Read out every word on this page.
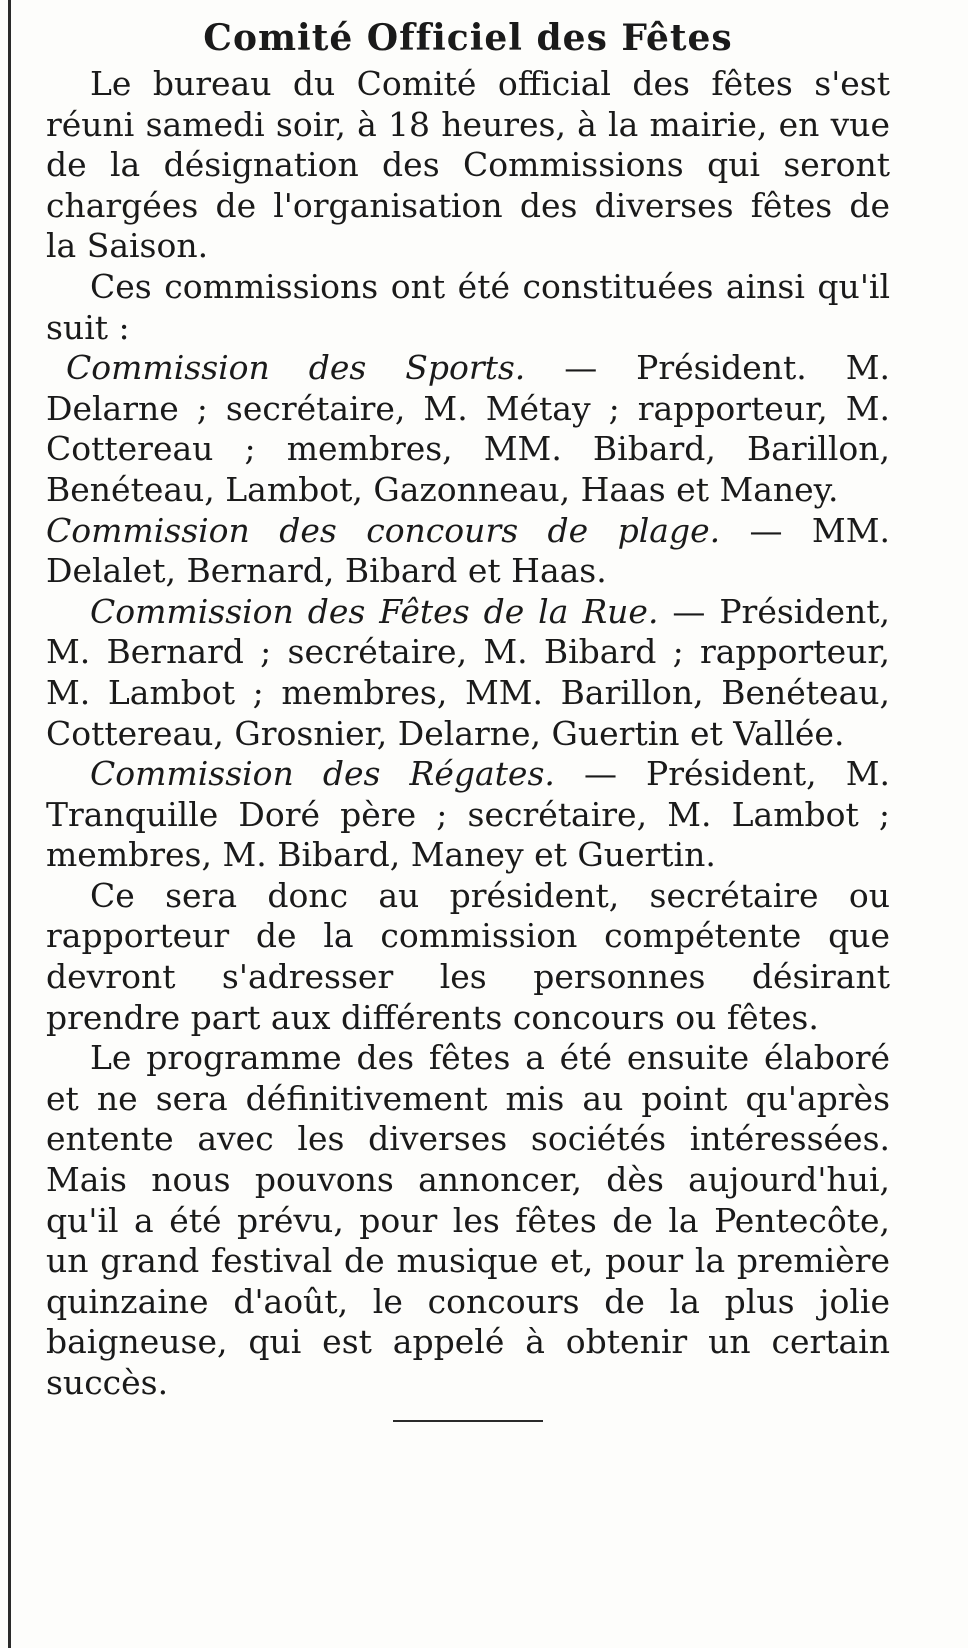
Comité Officiel des Fêtes

Le bureau du Comité official des fêtes s'est réuni samedi soir, à 18 heures, à la mairie, en vue de la désignation des Commissions qui seront chargées de l'organisation des diverses fêtes de la Saison.

Ces commissions ont été constituées ainsi qu'il suit :

Commission des Sports. — Président. M. Delarne ; secrétaire, M. Métay ; rapporteur, M. Cottereau ; membres, MM. Bibard, Barillon, Benéteau, Lambot, Gazonneau, Haas et Maney.

Commission des concours de plage. — MM. Delalet, Bernard, Bibard et Haas.

Commission des Fêtes de la Rue. — Président, M. Bernard ; secrétaire, M. Bibard ; rapporteur, M. Lambot ; membres, MM. Barillon, Benéteau, Cottereau, Grosnier, Delarne, Guertin et Vallée.

Commission des Régates. — Président, M. Tranquille Doré père ; secrétaire, M. Lambot ; membres, M. Bibard, Maney et Guertin.

Ce sera donc au président, secrétaire ou rapporteur de la commission compétente que devront s'adresser les personnes désirant prendre part aux différents concours ou fêtes.

Le programme des fêtes a été ensuite élaboré et ne sera définitivement mis au point qu'après entente avec les diverses sociétés intéressées. Mais nous pouvons annoncer, dès aujourd'hui, qu'il a été prévu, pour les fêtes de la Pentecôte, un grand festival de musique et, pour la première quinzaine d'août, le concours de la plus jolie baigneuse, qui est appelé à obtenir un certain succès.
